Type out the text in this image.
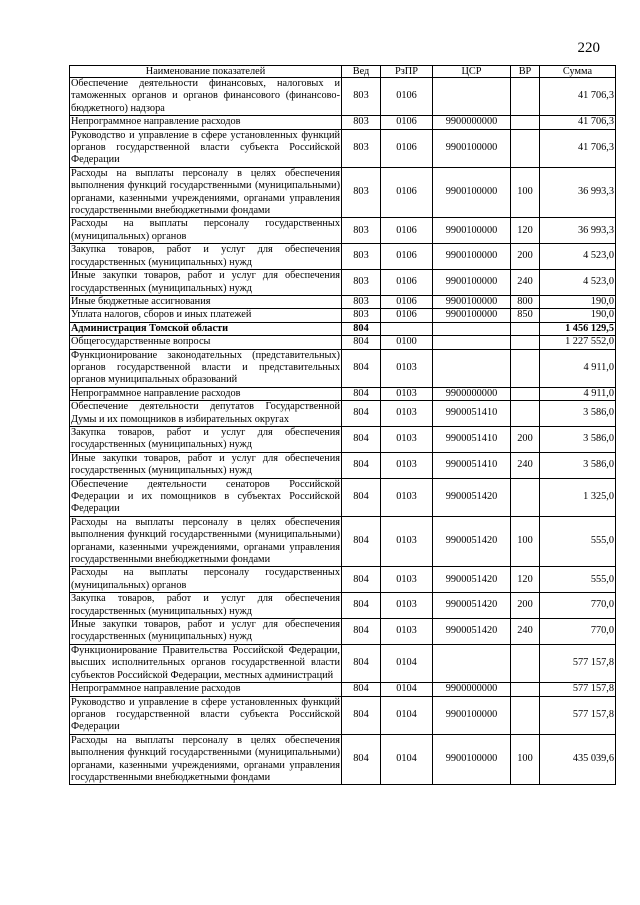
220
Наименование показателей	Вед	РзПР	ЦСР	ВР	Сумма
Обеспечение деятельности финансовых, налоговых и таможенных органов и органов финансового (финансово-бюджетного) надзора	803	0106			41 706,3
Непрограммное направление расходов	803	0106	9900000000		41 706,3
Руководство и управление в сфере установленных функций органов государственной власти субъекта Российской Федерации	803	0106	9900100000		41 706,3
Расходы на выплаты персоналу в целях обеспечения выполнения функций государственными (муниципальными) органами, казенными учреждениями, органами управления государственными внебюджетными фондами	803	0106	9900100000	100	36 993,3
Расходы на выплаты персоналу государственных (муниципальных) органов	803	0106	9900100000	120	36 993,3
Закупка товаров, работ и услуг для обеспечения государственных (муниципальных) нужд	803	0106	9900100000	200	4 523,0
Иные закупки товаров, работ и услуг для обеспечения государственных (муниципальных) нужд	803	0106	9900100000	240	4 523,0
Иные бюджетные ассигнования	803	0106	9900100000	800	190,0
Уплата налогов, сборов и иных платежей	803	0106	9900100000	850	190,0
Администрация Томской области	804				1 456 129,5
Общегосударственные вопросы	804	0100			1 227 552,0
Функционирование законодательных (представительных) органов государственной власти и представительных органов муниципальных образований	804	0103			4 911,0
Непрограммное направление расходов	804	0103	9900000000		4 911,0
Обеспечение деятельности депутатов Государственной Думы и их помощников в избирательных округах	804	0103	9900051410		3 586,0
Закупка товаров, работ и услуг для обеспечения государственных (муниципальных) нужд	804	0103	9900051410	200	3 586,0
Иные закупки товаров, работ и услуг для обеспечения государственных (муниципальных) нужд	804	0103	9900051410	240	3 586,0
Обеспечение деятельности сенаторов Российской Федерации и их помощников в субъектах Российской Федерации	804	0103	9900051420		1 325,0
Расходы на выплаты персоналу в целях обеспечения выполнения функций государственными (муниципальными) органами, казенными учреждениями, органами управления государственными внебюджетными фондами	804	0103	9900051420	100	555,0
Расходы на выплаты персоналу государственных (муниципальных) органов	804	0103	9900051420	120	555,0
Закупка товаров, работ и услуг для обеспечения государственных (муниципальных) нужд	804	0103	9900051420	200	770,0
Иные закупки товаров, работ и услуг для обеспечения государственных (муниципальных) нужд	804	0103	9900051420	240	770,0
Функционирование Правительства Российской Федерации, высших исполнительных органов государственной власти субъектов Российской Федерации, местных администраций	804	0104			577 157,8
Непрограммное направление расходов	804	0104	9900000000		577 157,8
Руководство и управление в сфере установленных функций органов государственной власти субъекта Российской Федерации	804	0104	9900100000		577 157,8
Расходы на выплаты персоналу в целях обеспечения выполнения функций государственными (муниципальными) органами, казенными учреждениями, органами управления государственными внебюджетными фондами	804	0104	9900100000	100	435 039,6
